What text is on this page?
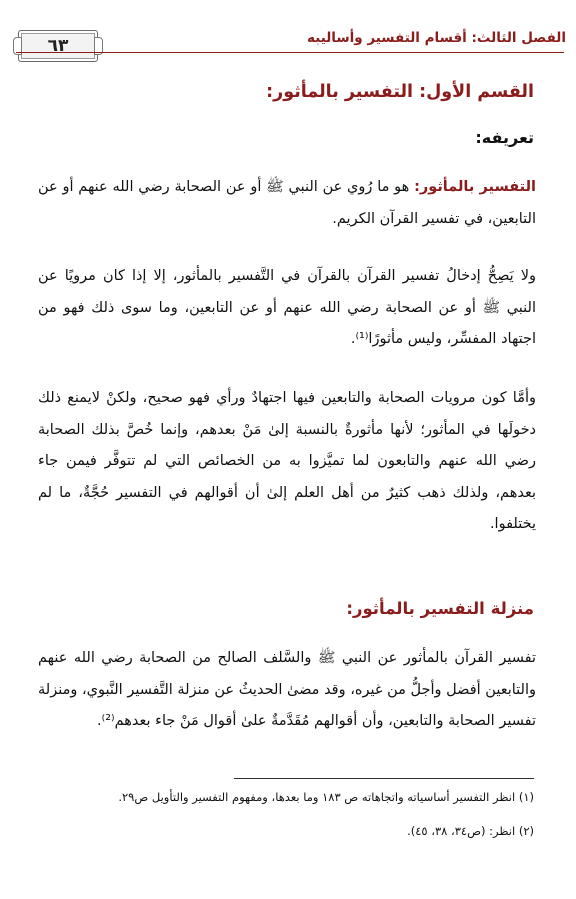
الفصل الثالث: أقسام التفسير وأساليبه
٦٣
القسم الأول: التفسير بالمأثور:
تعريفه:
التفسير بالمأثور: هو ما رُوي عن النبي ﷺ أو عن الصحابة رضي الله عنهم أو عن التابعين، في تفسير القرآن الكريم.
ولا يَصِحُّ إدخالُ تفسير القرآن بالقرآن في التَّفسير بالمأثور، إلا إذا كان مرويًا عن النبي ﷺ أو عن الصحابة رضي الله عنهم أو عن التابعين، وما سوى ذلك فهو من اجتهاد المفسِّر، وليس مأثورًا⁽¹⁾.
وأمَّا كون مرويات الصحابة والتابعين فيها اجتهادٌ ورأي فهو صحيح، ولكنْ لايمنع ذلك دخولَها في المأثور؛ لأنها مأثورةٌ بالنسبة إلىٰ مَنْ بعدهم، وإنما خُصَّ بذلك الصحابة رضي الله عنهم والتابعون لما تميَّزوا به من الخصائص التي لم تتوفَّر فيمن جاء بعدهم، ولذلك ذهب كثيرٌ من أهل العلم إلىٰ أن أقوالهم في التفسير حُجَّةٌ، ما لم يختلفوا.
منزلة التفسير بالمأثور:
تفسير القرآن بالمأثور عن النبي ﷺ والسَّلف الصالح من الصحابة رضي الله عنهم والتابعين أفضل وأجلُّ من غيره، وقد مضىٰ الحديثُ عن منزلة التَّفسير النَّبوي، ومنزلة تفسير الصحابة والتابعين، وأن أقوالهم مُقَدَّمةٌ علىٰ أقوال مَنْ جاء بعدهم⁽²⁾.
(١) انظر التفسير أساسياته واتجاهاته ص ١٨٣ وما بعدها، ومفهوم التفسير والتأويل ص٢٩.
(٢) انظر: (ص٣٤، ٣٨، ٤٥).
